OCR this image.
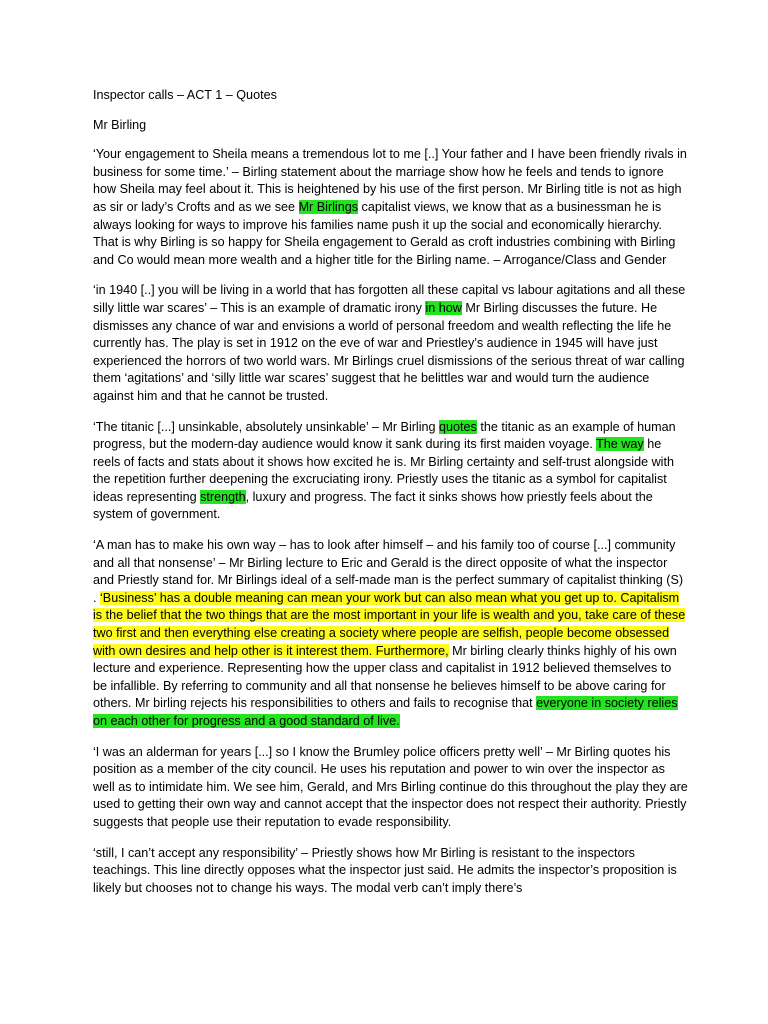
Inspector calls – ACT 1 – Quotes

Mr Birling

‘Your engagement to Sheila means a tremendous lot to me [..] Your father and I have been friendly rivals in business for some time.’ – Birling statement about the marriage show how he feels and tends to ignore how Sheila may feel about it. This is heightened by his use of the first person. Mr Birling title is not as high as sir or lady’s Crofts and as we see Mr Birlings capitalist views, we know that as a businessman he is always looking for ways to improve his families name push it up the social and economically hierarchy. That is why Birling is so happy for Sheila engagement to Gerald as croft industries combining with Birling and Co would mean more wealth and a higher title for the Birling name. – Arrogance/Class and Gender

‘in 1940 [..] you will be living in a world that has forgotten all these capital vs labour agitations and all these silly little war scares’ – This is an example of dramatic irony in how Mr Birling discusses the future. He dismisses any chance of war and envisions a world of personal freedom and wealth reflecting the life he currently has. The play is set in 1912 on the eve of war and Priestley’s audience in 1945 will have just experienced the horrors of two world wars. Mr Birlings cruel dismissions of the serious threat of war calling them ‘agitations’ and ‘silly little war scares’ suggest that he belittles war and would turn the audience against him and that he cannot be trusted.

‘The titanic [...] unsinkable, absolutely unsinkable’ – Mr Birling quotes the titanic as an example of human progress, but the modern-day audience would know it sank during its first maiden voyage. The way he reels of facts and stats about it shows how excited he is. Mr Birling certainty and self-trust alongside with the repetition further deepening the excruciating irony. Priestly uses the titanic as a symbol for capitalist ideas representing strength, luxury and progress. The fact it sinks shows how priestly feels about the system of government.

‘A man has to make his own way – has to look after himself – and his family too of course [...] community and all that nonsense’ – Mr Birling lecture to Eric and Gerald is the direct opposite of what the inspector and Priestly stand for. Mr Birlings ideal of a self-made man is the perfect summary of capitalist thinking (S) . ‘Business’ has a double meaning can mean your work but can also mean what you get up to. Capitalism is the belief that the two things that are the most important in your life is wealth and you, take care of these two first and then everything else creating a society where people are selfish, people become obsessed with own desires and help other is it interest them. Furthermore, Mr birling clearly thinks highly of his own lecture and experience. Representing how the upper class and capitalist in 1912 believed themselves to be infallible. By referring to community and all that nonsense he believes himself to be above caring for others. Mr birling rejects his responsibilities to others and fails to recognise that everyone in society relies on each other for progress and a good standard of live.

‘I was an alderman for years [...] so I know the Brumley police officers pretty well’ – Mr Birling quotes his position as a member of the city council. He uses his reputation and power to win over the inspector as well as to intimidate him. We see him, Gerald, and Mrs Birling continue do this throughout the play they are used to getting their own way and cannot accept that the inspector does not respect their authority. Priestly suggests that people use their reputation to evade responsibility.

‘still, I can’t accept any responsibility’ – Priestly shows how Mr Birling is resistant to the inspectors teachings. This line directly opposes what the inspector just said. He admits the inspector’s proposition is likely but chooses not to change his ways. The modal verb can’t imply there’s
